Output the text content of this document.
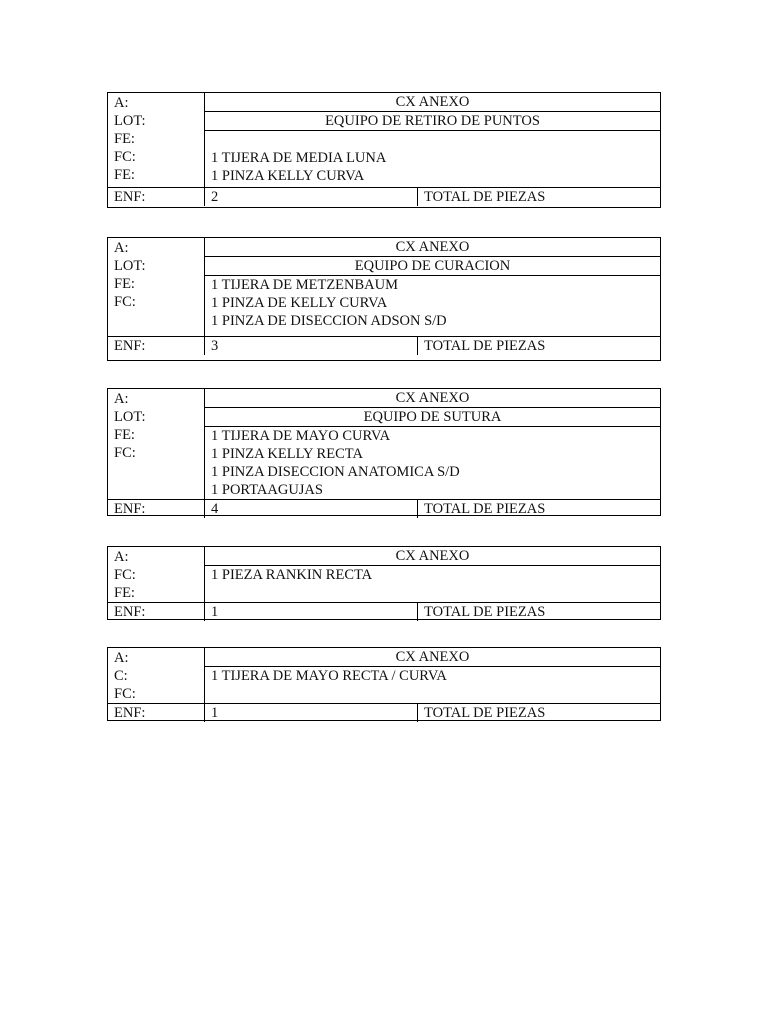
A:
LOT:
FE:
FC:
FE:
CX ANEXO
EQUIPO DE RETIRO DE PUNTOS
1 TIJERA DE MEDIA LUNA
1 PINZA KELLY CURVA
ENF:	2	TOTAL DE PIEZAS
A:
LOT:
FE:
FC:
CX ANEXO
EQUIPO DE CURACION
1 TIJERA DE METZENBAUM
1 PINZA DE KELLY CURVA
1 PINZA DE DISECCION ADSON S/D
ENF:	3	TOTAL DE PIEZAS
A:
LOT:
FE:
FC:
CX ANEXO
EQUIPO DE SUTURA
1 TIJERA DE MAYO CURVA
1 PINZA KELLY RECTA
1 PINZA DISECCION ANATOMICA S/D
1 PORTAAGUJAS
ENF:	4	TOTAL DE PIEZAS
A:
FC:
FE:
CX ANEXO
1 PIEZA RANKIN RECTA
ENF:	1	TOTAL DE PIEZAS
A:
C:
FC:
CX ANEXO
1 TIJERA DE MAYO RECTA / CURVA
ENF:	1	TOTAL DE PIEZAS
